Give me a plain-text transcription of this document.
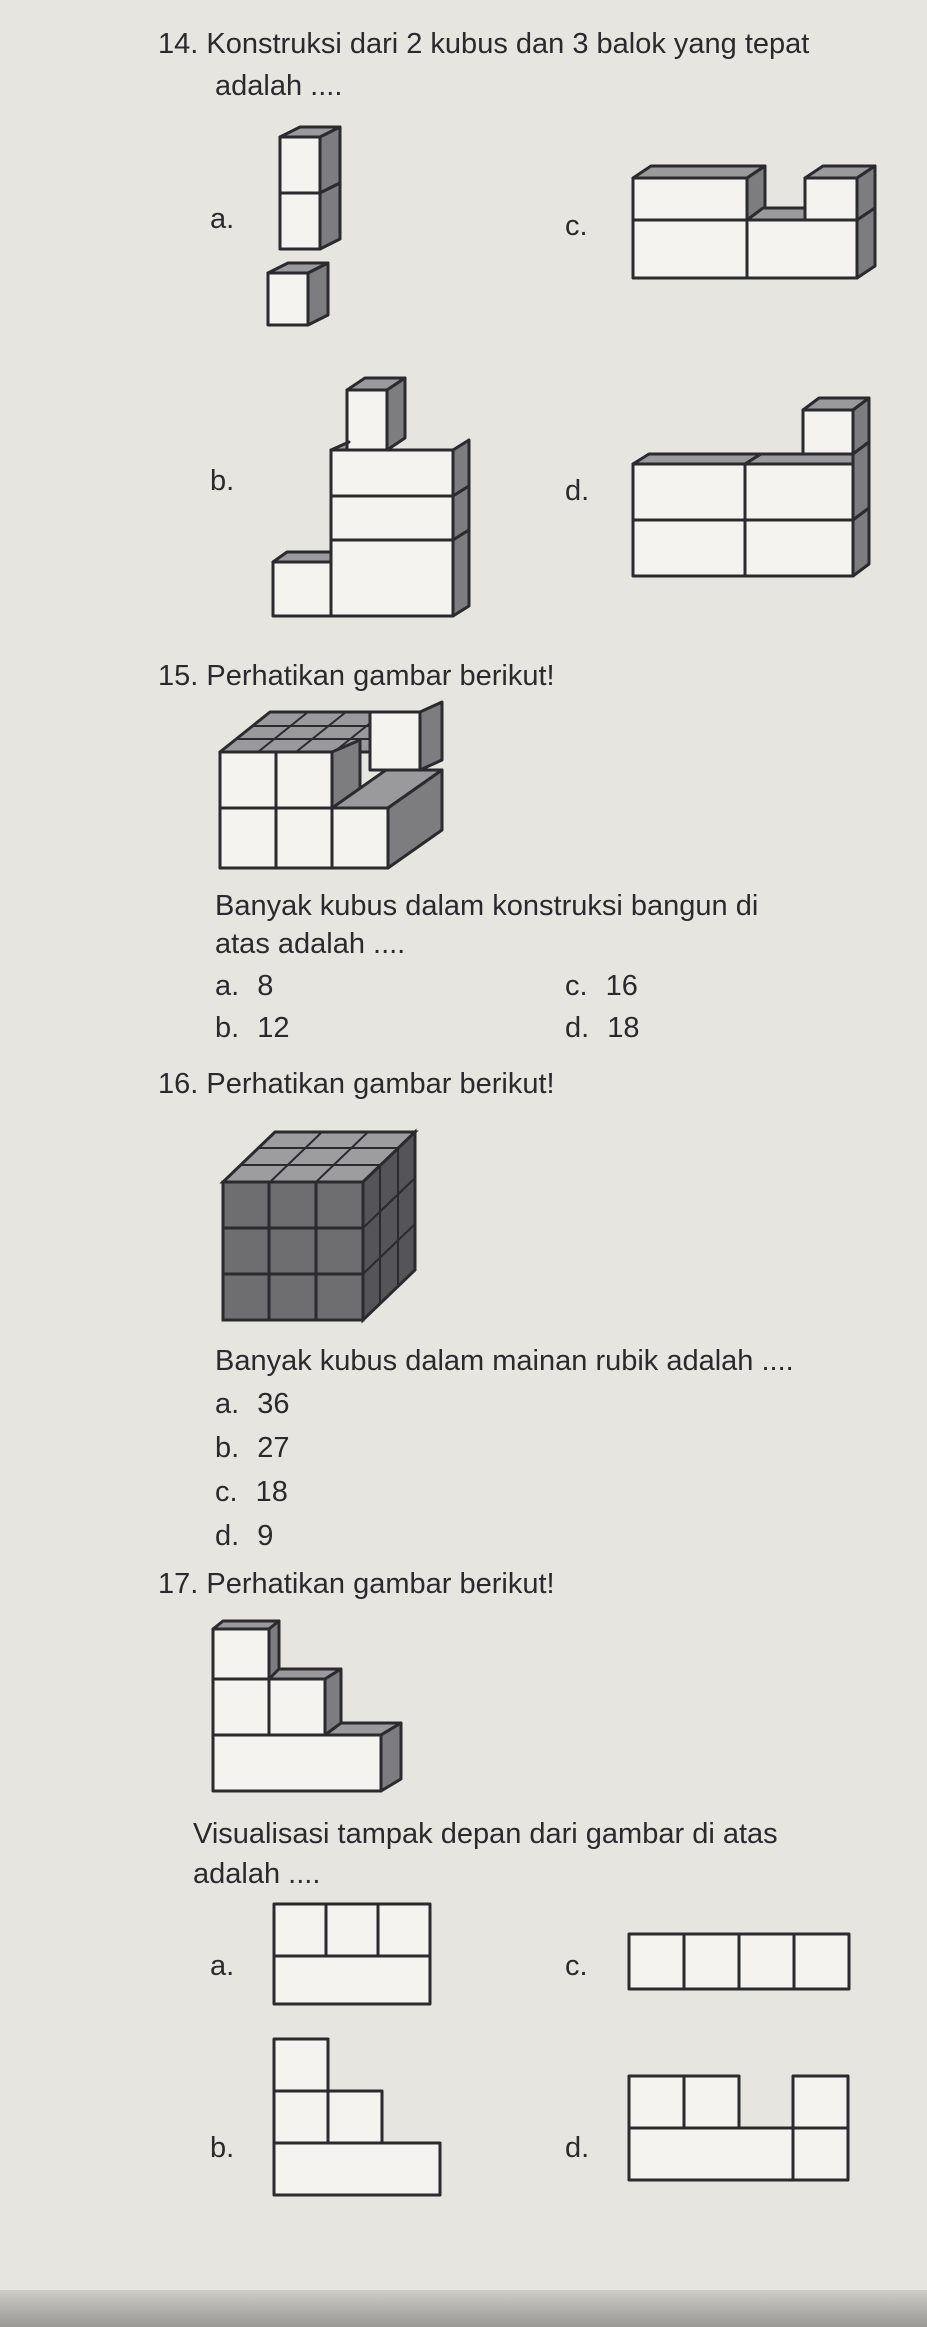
14. Konstruksi dari 2 kubus dan 3 balok yang tepat
adalah ....
a.	c.
b.	d.
15. Perhatikan gambar berikut!
Banyak kubus dalam konstruksi bangun di
atas adalah ....
a. 8	c. 16
b. 12	d. 18
16. Perhatikan gambar berikut!
Banyak kubus dalam mainan rubik adalah ....
a. 36
b. 27
c. 18
d. 9
17. Perhatikan gambar berikut!
Visualisasi tampak depan dari gambar di atas
adalah ....
a.	c.
b.	d.
